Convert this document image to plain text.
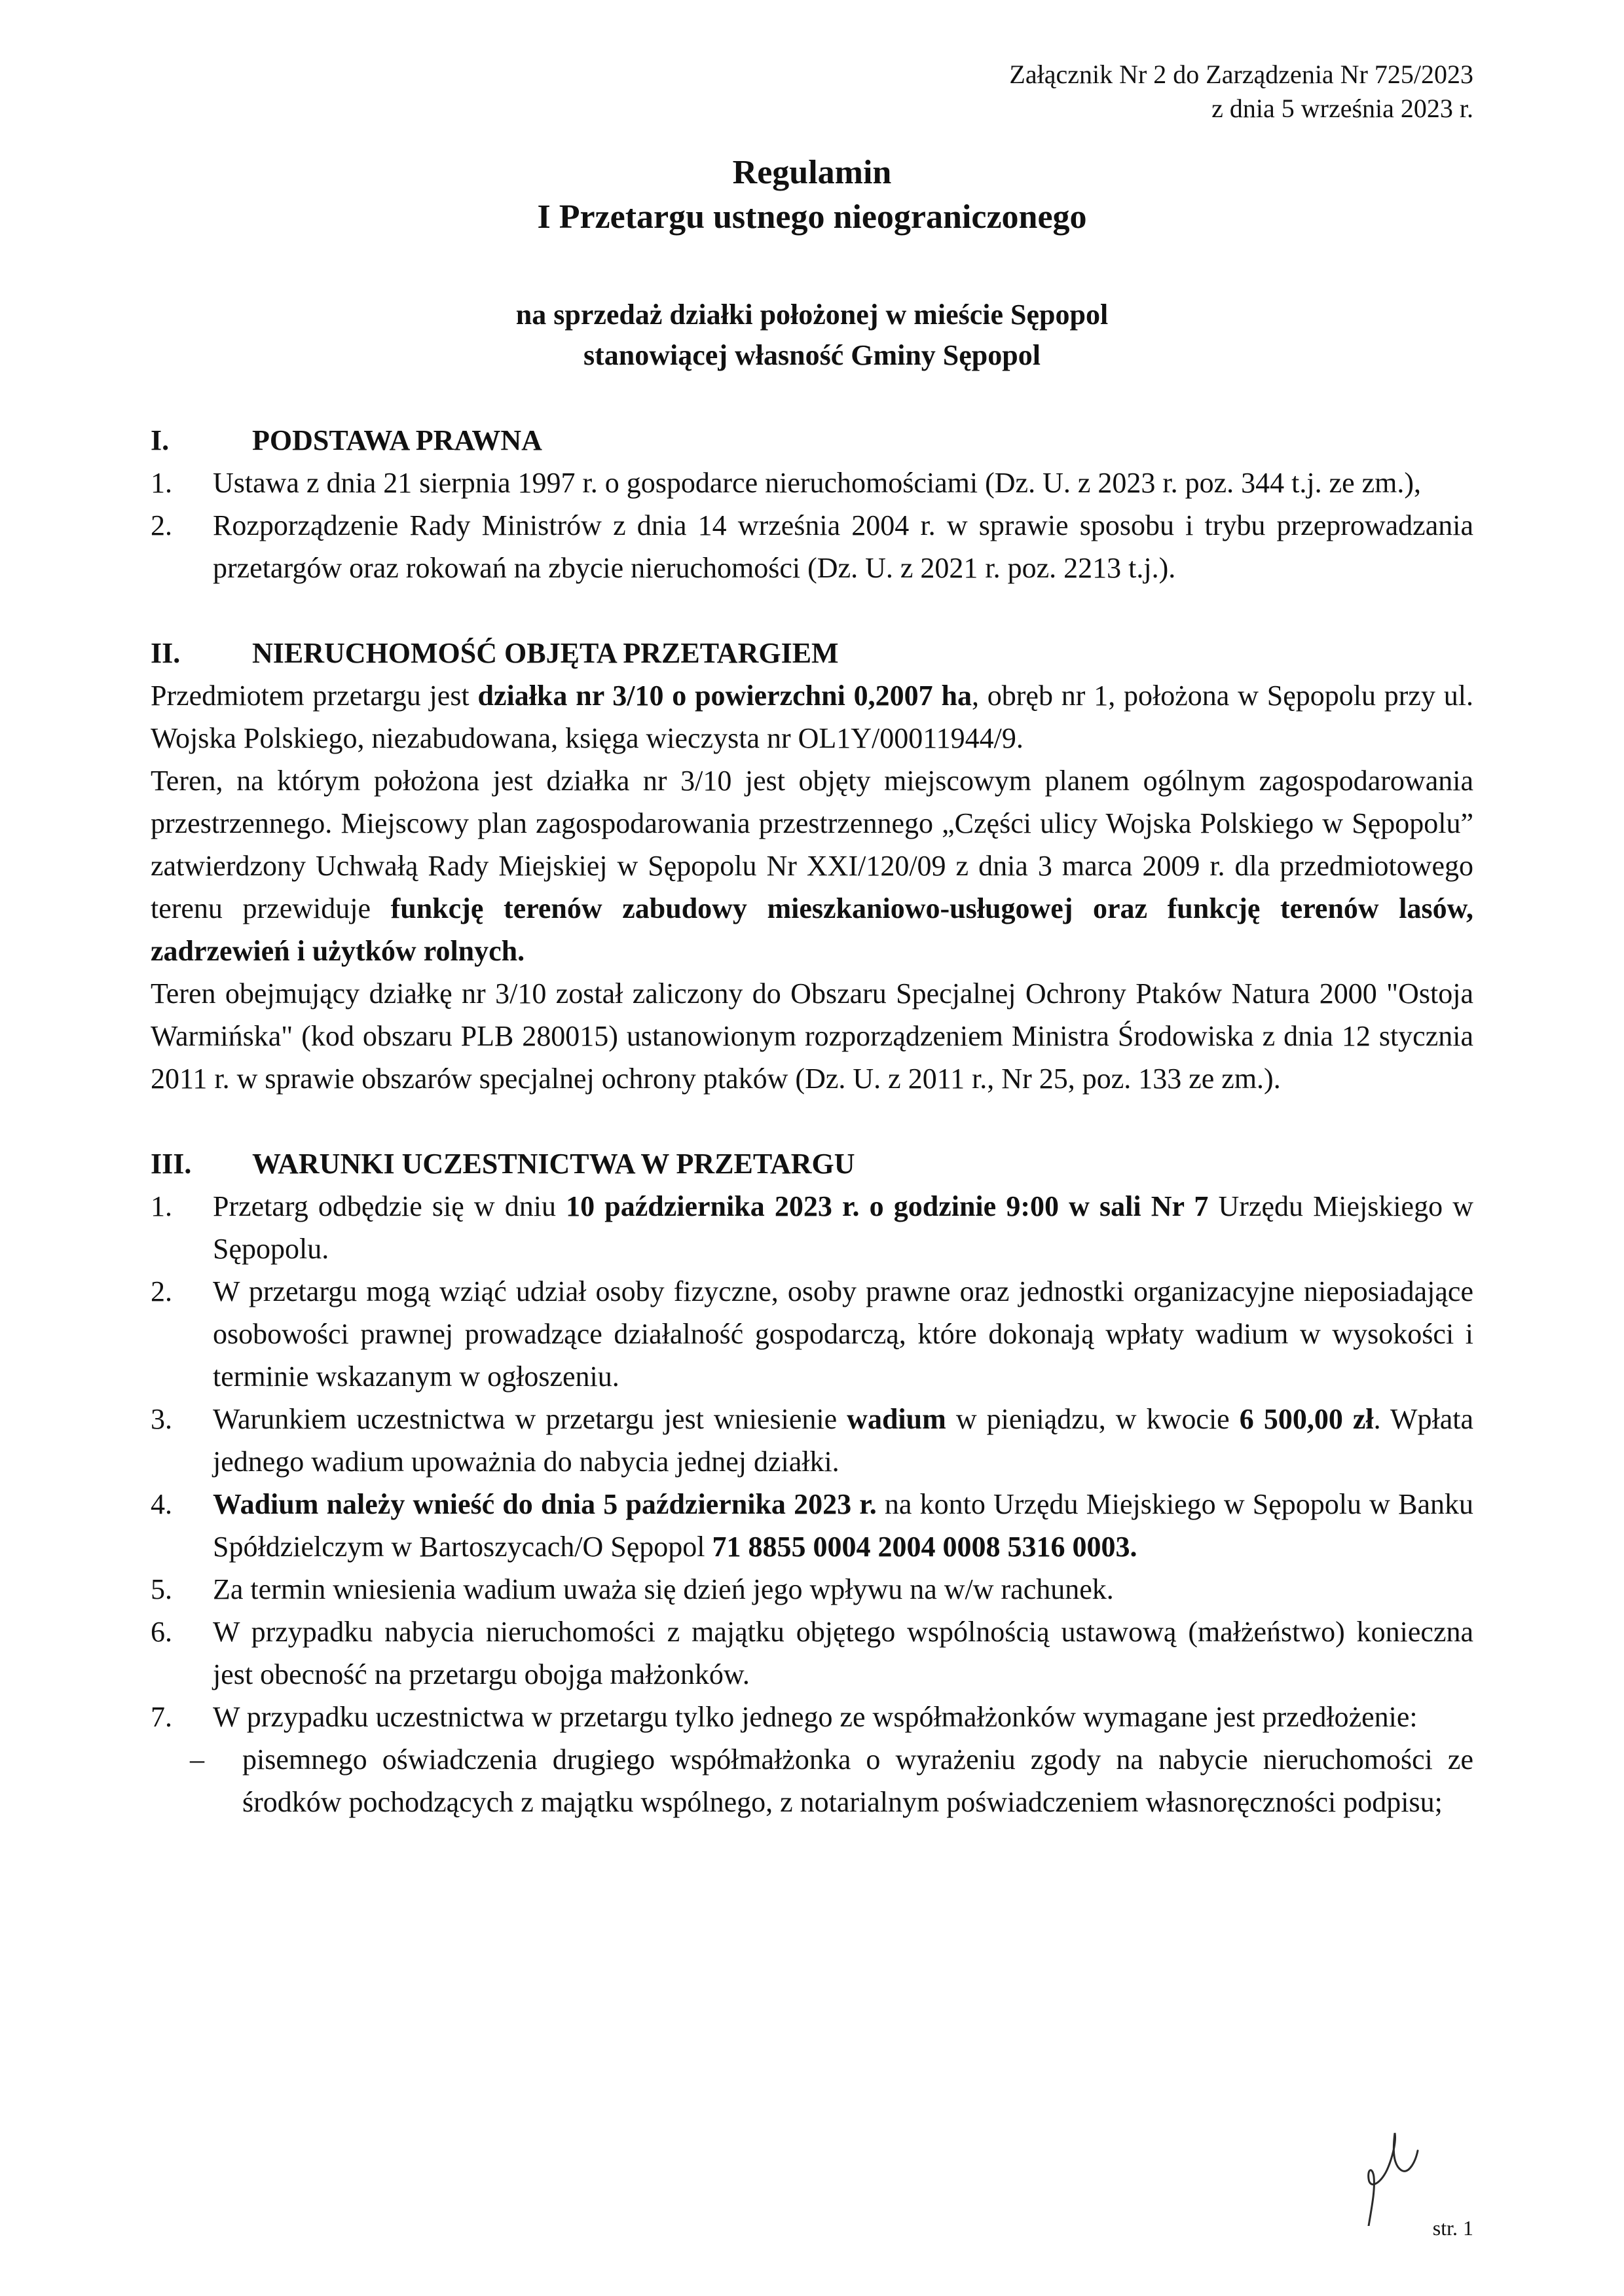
Załącznik Nr 2 do Zarządzenia Nr 725/2023
z dnia 5 września 2023 r.
Regulamin
I Przetargu ustnego nieograniczonego
na sprzedaż działki położonej w mieście Sępopol
stanowiącej własność Gminy Sępopol
I.	PODSTAWA PRAWNA
1.	Ustawa z dnia 21 sierpnia 1997 r. o gospodarce nieruchomościami (Dz. U. z 2023 r. poz. 344 t.j. ze zm.),
2.	Rozporządzenie Rady Ministrów z dnia 14 września 2004 r. w sprawie sposobu i trybu przeprowadzania przetargów oraz rokowań na zbycie nieruchomości (Dz. U. z 2021 r. poz. 2213 t.j.).
II.	NIERUCHOMOŚĆ OBJĘTA PRZETARGIEM

Przedmiotem przetargu jest działka nr 3/10 o powierzchni 0,2007 ha, obręb nr 1, położona w Sępopolu przy ul. Wojska Polskiego, niezabudowana, księga wieczysta nr OL1Y/00011944/9.

Teren, na którym położona jest działka nr 3/10 jest objęty miejscowym planem ogólnym zagospodarowania przestrzennego. Miejscowy plan zagospodarowania przestrzennego „Części ulicy Wojska Polskiego w Sępopolu” zatwierdzony Uchwałą Rady Miejskiej w Sępopolu Nr XXI/120/09 z dnia 3 marca 2009 r. dla przedmiotowego terenu przewiduje funkcję terenów zabudowy mieszkaniowo-usługowej oraz funkcję terenów lasów, zadrzewień i użytków rolnych.

Teren obejmujący działkę nr 3/10 został zaliczony do Obszaru Specjalnej Ochrony Ptaków Natura 2000 "Ostoja Warmińska" (kod obszaru PLB 280015) ustanowionym rozporządzeniem Ministra Środowiska z dnia 12 stycznia 2011 r. w sprawie obszarów specjalnej ochrony ptaków (Dz. U. z 2011 r., Nr 25, poz. 133 ze zm.).

III.	WARUNKI UCZESTNICTWA W PRZETARGU
1.	Przetarg odbędzie się w dniu 10 października 2023 r. o godzinie 9:00 w sali Nr 7 Urzędu Miejskiego w Sępopolu.
2.	W przetargu mogą wziąć udział osoby fizyczne, osoby prawne oraz jednostki organizacyjne nieposiadające osobowości prawnej prowadzące działalność gospodarczą, które dokonają wpłaty wadium w wysokości i terminie wskazanym w ogłoszeniu.
3.	Warunkiem uczestnictwa w przetargu jest wniesienie wadium w pieniądzu, w kwocie 6 500,00 zł. Wpłata jednego wadium upoważnia do nabycia jednej działki.
4.	Wadium należy wnieść do dnia 5 października 2023 r. na konto Urzędu Miejskiego w Sępopolu w Banku Spółdzielczym w Bartoszycach/O Sępopol 71 8855 0004 2004 0008 5316 0003.
5.	Za termin wniesienia wadium uważa się dzień jego wpływu na w/w rachunek.
6.	W przypadku nabycia nieruchomości z majątku objętego wspólnością ustawową (małżeństwo) konieczna jest obecność na przetargu obojga małżonków.
7.	W przypadku uczestnictwa w przetargu tylko jednego ze współmałżonków wymagane jest przedłożenie:
–	pisemnego oświadczenia drugiego współmałżonka o wyrażeniu zgody na nabycie nieruchomości ze środków pochodzących z majątku wspólnego, z notarialnym poświadczeniem własnoręczności podpisu;
str. 1
